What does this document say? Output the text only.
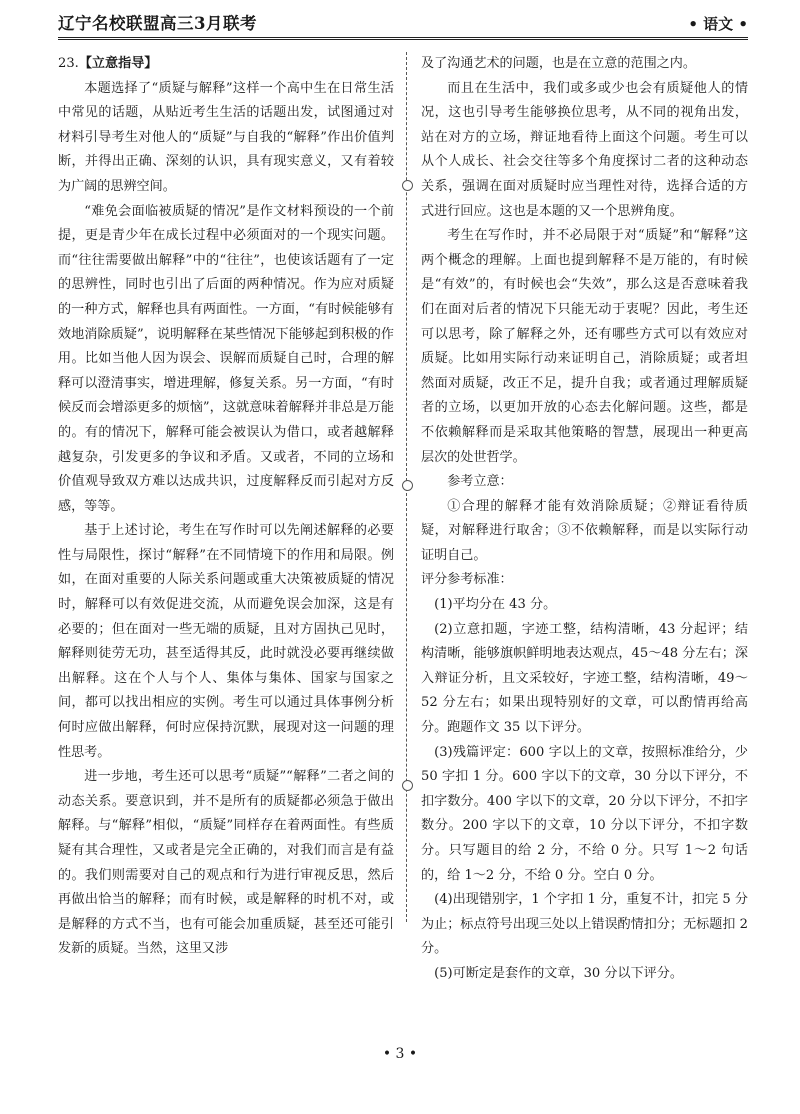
辽宁名校联盟高三3月联考	• 语文 •

23.【立意指导】

本题选择了“质疑与解释”这样一个高中生在日常生活中常见的话题，从贴近考生生活的话题出发，试图通过对材料引导考生对他人的“质疑”与自我的“解释”作出价值判断，并得出正确、深刻的认识，具有现实意义，又有着较为广阔的思辨空间。

“难免会面临被质疑的情况”是作文材料预设的一个前提，更是青少年在成长过程中必须面对的一个现实问题。而“往往需要做出解释”中的“往往”，也使该话题有了一定的思辨性，同时也引出了后面的两种情况。作为应对质疑的一种方式，解释也具有两面性。一方面，“有时候能够有效地消除质疑”，说明解释在某些情况下能够起到积极的作用。比如当他人因为误会、误解而质疑自己时，合理的解释可以澄清事实，增进理解，修复关系。另一方面，“有时候反而会增添更多的烦恼”，这就意味着解释并非总是万能的。有的情况下，解释可能会被误认为借口，或者越解释越复杂，引发更多的争议和矛盾。又或者，不同的立场和价值观导致双方难以达成共识，过度解释反而引起对方反感，等等。

基于上述讨论，考生在写作时可以先阐述解释的必要性与局限性，探讨“解释”在不同情境下的作用和局限。例如，在面对重要的人际关系问题或重大决策被质疑的情况时，解释可以有效促进交流，从而避免误会加深，这是有必要的；但在面对一些无端的质疑，且对方固执己见时，解释则徒劳无功，甚至适得其反，此时就没必要再继续做出解释。这在个人与个人、集体与集体、国家与国家之间，都可以找出相应的实例。考生可以通过具体事例分析何时应做出解释，何时应保持沉默，展现对这一问题的理性思考。

进一步地，考生还可以思考“质疑”“解释”二者之间的动态关系。要意识到，并不是所有的质疑都必须急于做出解释。与“解释”相似，“质疑”同样存在着两面性。有些质疑有其合理性，又或者是完全正确的，对我们而言是有益的。我们则需要对自己的观点和行为进行审视反思，然后再做出恰当的解释；而有时候，或是解释的时机不对，或是解释的方式不当，也有可能会加重质疑，甚至还可能引发新的质疑。当然，这里又涉

及了沟通艺术的问题，也是在立意的范围之内。

而且在生活中，我们或多或少也会有质疑他人的情况，这也引导考生能够换位思考，从不同的视角出发，站在对方的立场，辩证地看待上面这个问题。考生可以从个人成长、社会交往等多个角度探讨二者的这种动态关系，强调在面对质疑时应当理性对待，选择合适的方式进行回应。这也是本题的又一个思辨角度。

考生在写作时，并不必局限于对“质疑”和“解释”这两个概念的理解。上面也提到解释不是万能的，有时候是“有效”的，有时候也会“失效”，那么这是否意味着我们在面对后者的情况下只能无动于衷呢？因此，考生还可以思考，除了解释之外，还有哪些方式可以有效应对质疑。比如用实际行动来证明自己，消除质疑；或者坦然面对质疑，改正不足，提升自我；或者通过理解质疑者的立场，以更加开放的心态去化解问题。这些，都是不依赖解释而是采取其他策略的智慧，展现出一种更高层次的处世哲学。

参考立意：

①合理的解释才能有效消除质疑；②辩证看待质疑，对解释进行取舍；③不依赖解释，而是以实际行动证明自己。

评分参考标准：

(1)平均分在 43 分。

(2)立意扣题，字迹工整，结构清晰，43 分起评；结构清晰，能够旗帜鲜明地表达观点，45～48 分左右；深入辩证分析，且文采较好，字迹工整，结构清晰，49～52 分左右；如果出现特别好的文章，可以酌情再给高分。跑题作文 35 以下评分。

(3)残篇评定：600 字以上的文章，按照标准给分，少 50 字扣 1 分。600 字以下的文章，30 分以下评分，不扣字数分。400 字以下的文章，20 分以下评分，不扣字数分。200 字以下的文章，10 分以下评分，不扣字数分。只写题目的给 2 分，不给 0 分。只写 1～2 句话的，给 1～2 分，不给 0 分。空白 0 分。

(4)出现错别字，1 个字扣 1 分，重复不计，扣完 5 分为止；标点符号出现三处以上错误酌情扣分；无标题扣 2 分。

(5)可断定是套作的文章，30 分以下评分。

• 3 •
